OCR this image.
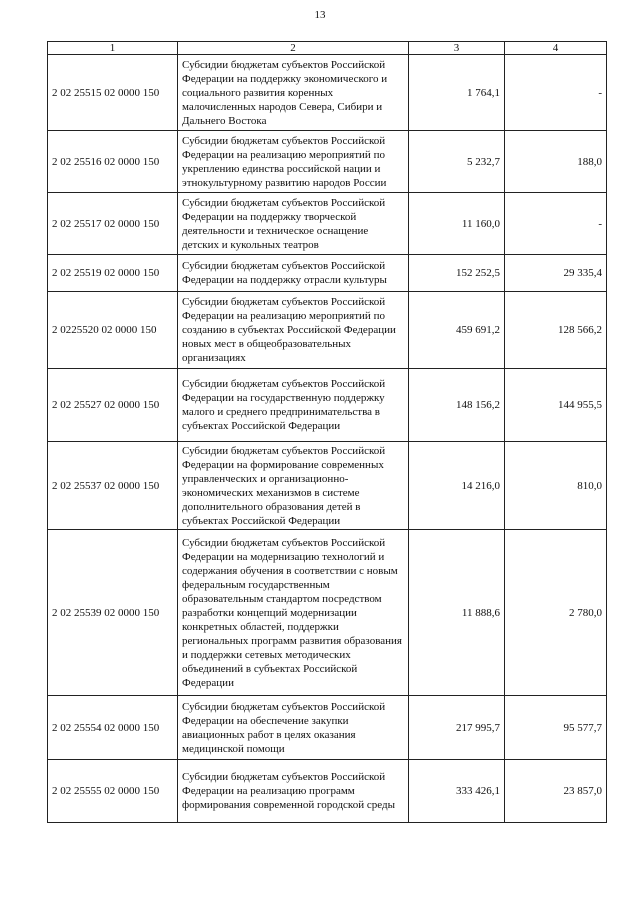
13
1	2	3	4
2 02 25515 02 0000 150	Субсидии бюджетам субъектов Российской Федерации на поддержку экономического и социального развития коренных малочисленных народов Севера, Сибири и Дальнего Востока	1 764,1	-
2 02 25516 02 0000 150	Субсидии бюджетам субъектов Российской Федерации на реализацию мероприятий по укреплению единства российской нации и этнокультурному развитию народов России	5 232,7	188,0
2 02 25517 02 0000 150	Субсидии бюджетам субъектов Российской Федерации на поддержку творческой деятельности и техническое оснащение детских и кукольных театров	11 160,0	-
2 02 25519 02 0000 150	Субсидии бюджетам субъектов Российской Федерации на поддержку отрасли культуры	152 252,5	29 335,4
2 0225520 02 0000 150	Субсидии бюджетам субъектов Российской Федерации на реализацию мероприятий по созданию в субъектах Российской Федерации новых мест в общеобразовательных организациях	459 691,2	128 566,2
2 02 25527 02 0000 150	Субсидии бюджетам субъектов Российской Федерации на государственную поддержку малого и среднего предпринимательства в субъектах Российской Федерации	148 156,2	144 955,5
2 02 25537 02 0000 150	Субсидии бюджетам субъектов Российской Федерации на формирование современных управленческих и организационно-экономических механизмов в системе дополнительного образования детей в субъектах Российской Федерации	14 216,0	810,0
2 02 25539 02 0000 150	Субсидии бюджетам субъектов Российской Федерации на модернизацию технологий и содержания обучения в соответствии с новым федеральным государственным образовательным стандартом посредством разработки концепций модернизации конкретных областей, поддержки региональных программ развития образования и поддержки сетевых методических объединений в субъектах Российской Федерации	11 888,6	2 780,0
2 02 25554 02 0000 150	Субсидии бюджетам субъектов Российской Федерации на обеспечение закупки авиационных работ в целях оказания медицинской помощи	217 995,7	95 577,7
2 02 25555 02 0000 150	Субсидии бюджетам субъектов Российской Федерации на реализацию программ формирования современной городской среды	333 426,1	23 857,0
